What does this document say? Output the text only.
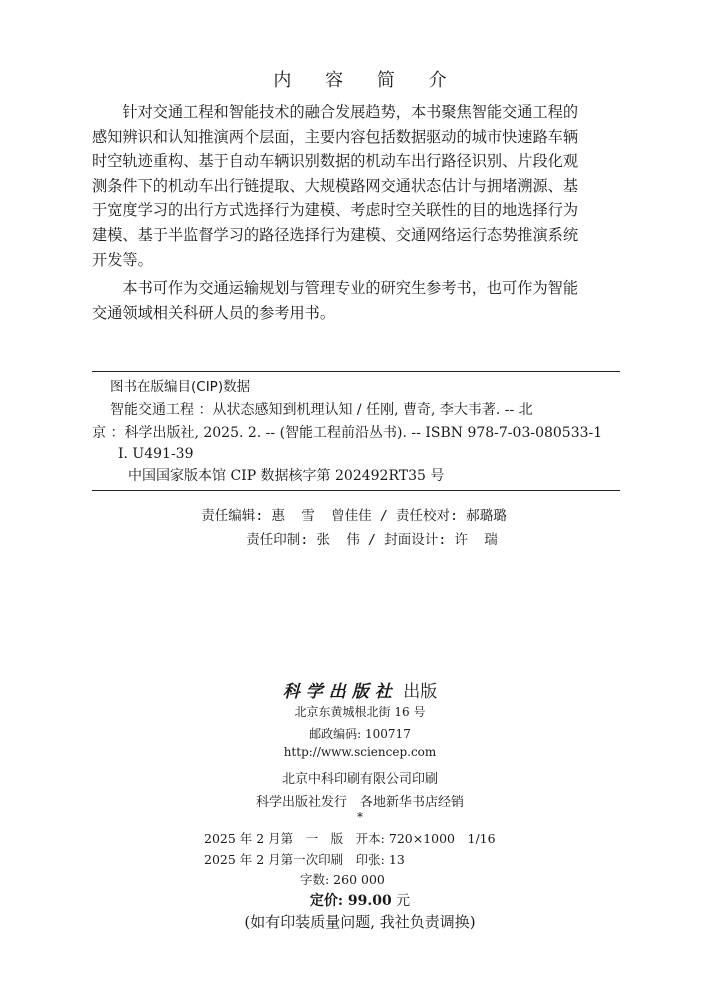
内 容 简 介

　　针对交通工程和智能技术的融合发展趋势，本书聚焦智能交通工程的
感知辨识和认知推演两个层面，主要内容包括数据驱动的城市快速路车辆
时空轨迹重构、基于自动车辆识别数据的机动车出行路径识别、片段化观
测条件下的机动车出行链提取、大规模路网交通状态估计与拥堵溯源、基
于宽度学习的出行方式选择行为建模、考虑时空关联性的目的地选择行为
建模、基于半监督学习的路径选择行为建模、交通网络运行态势推演系统
开发等。

　　本书可作为交通运输规划与管理专业的研究生参考书，也可作为智能
交通领域相关科研人员的参考用书。

图书在版编目(CIP)数据
智能交通工程 ：从状态感知到机理认知 / 任刚, 曹奇, 李大韦著. -- 北
京 ：科学出版社, 2025. 2. -- (智能工程前沿丛书). -- ISBN 978-7-03-080533-1
Ⅰ. U491-39
中国国家版本馆 CIP 数据核字第 202492RT35 号
责任编辑: 惠  雪  曾佳佳 / 责任校对: 郝璐璐
责任印制: 张  伟 / 封面设计: 许  瑞
科学出版社 出版
北京东黄城根北街 16 号
邮政编码: 100717
http://www.sciencep.com
北京中科印刷有限公司印刷
科学出版社发行　各地新华书店经销
*
2025 年 2 月第　一　版　开本: 720×1000　1/16
2025 年 2 月第一次印刷　印张: 13
字数: 260 000
定价: 99.00 元
(如有印装质量问题, 我社负责调换)
